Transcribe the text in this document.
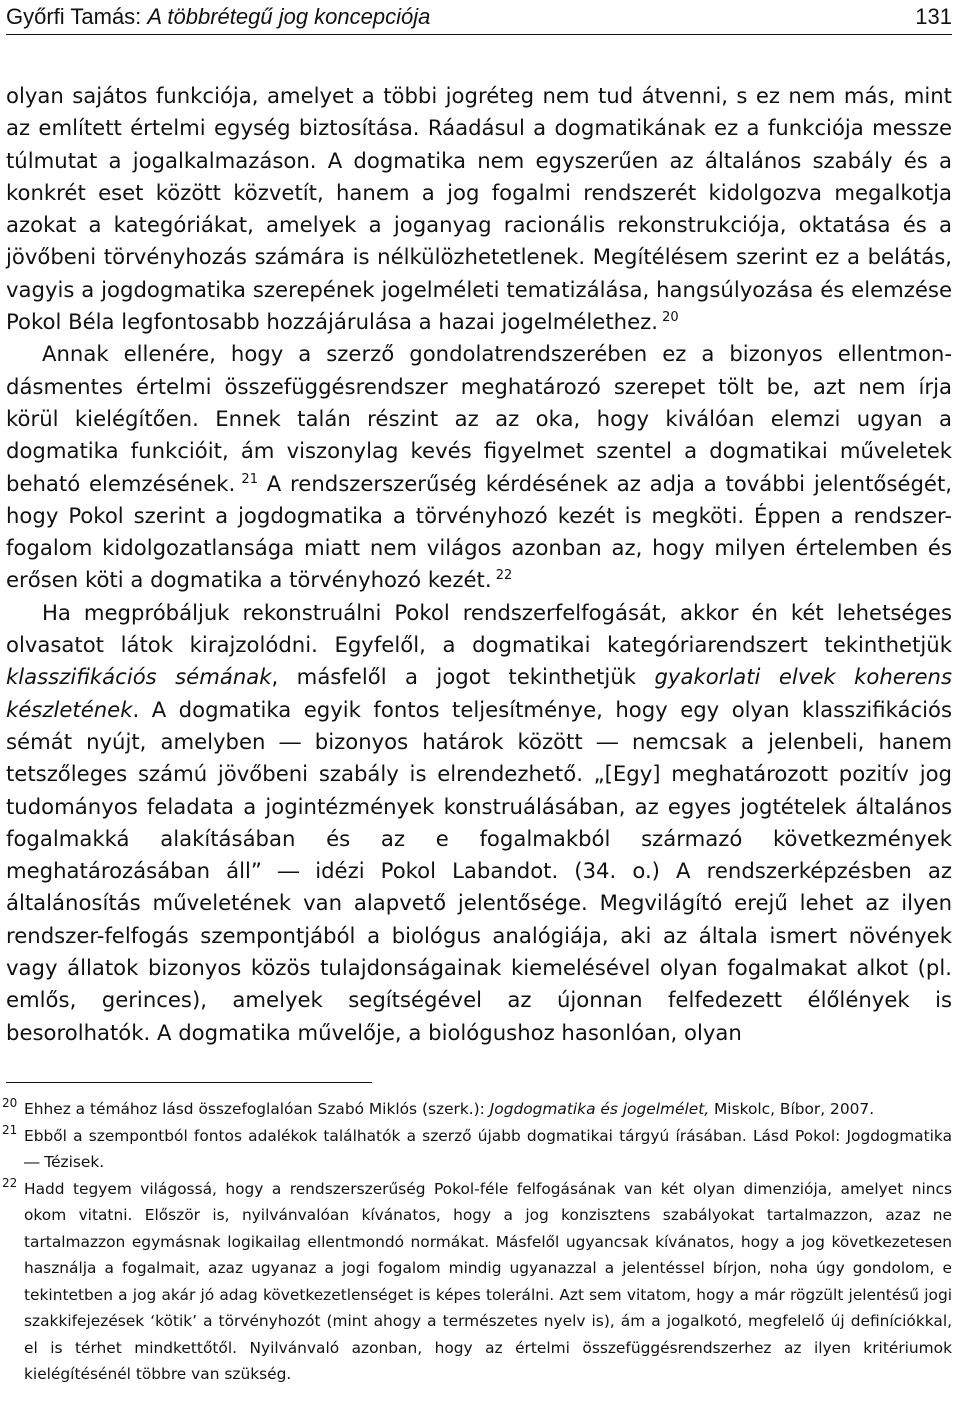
Győrfi Tamás: A többrétegű jog koncepciója	131

olyan sajátos funkciója, amelyet a többi jogréteg nem tud átvenni, s ez nem más, mint az említett értelmi egység biztosítása. Ráadásul a dogmatikának ez a funkciója messze túlmutat a jogalkalmazáson. A dogmatika nem egyszerűen az általános szabály és a konkrét eset között közvetít, hanem a jog fogalmi rendszerét kidolgozva megalkotja azokat a kategóriákat, amelyek a joganyag racionális rekonstrukciója, oktatása és a jövőbeni törvényhozás számára is nélkülözhetetlenek. Megítélésem szerint ez a belátás, vagyis a jogdogmatika szerepének jogelméleti tematizálása, hangsúlyozása és elemzése Pokol Béla legfontosabb hozzájárulása a hazai jogelmélethez. $^{20}$

Annak ellenére, hogy a szerző gondolatrendszerében ez a bizonyos ellentmondásmentes értelmi összefüggésrendszer meghatározó szerepet tölt be, azt nem írja körül kielégítően. Ennek talán részint az az oka, hogy kiválóan elemzi ugyan a dogmatika funkcióit, ám viszonylag kevés figyelmet szentel a dogmatikai műveletek beható elemzésének. $^{21}$ A rendszerszerűség kérdésének az adja a további jelentőségét, hogy Pokol szerint a jogdogmatika a törvényhozó kezét is megköti. Éppen a rendszer-fogalom kidolgozatlansága miatt nem világos azonban az, hogy milyen értelemben és erősen köti a dogmatika a törvényhozó kezét. $^{22}$

Ha megpróbáljuk rekonstruálni Pokol rendszerfelfogását, akkor én két lehetséges olvasatot látok kirajzolódni. Egyfelől, a dogmatikai kategóriarendszert tekinthetjük klasszifikációs sémának, másfelől a jogot tekinthetjük gyakorlati elvek koherens készletének. A dogmatika egyik fontos teljesítménye, hogy egy olyan klasszifikációs sémát nyújt, amelyben ― bizonyos határok között ― nemcsak a jelenbeli, hanem tetszőleges számú jövőbeni szabály is elrendezhető. „[Egy] meghatározott pozitív jog tudományos feladata a jogintézmények konstruálásában, az egyes jogtételek általános fogalmakká alakításában és az e fogalmakból származó következmények meghatározásában áll” ― idézi Pokol Labandot. (34. o.) A rendszerképzésben az általánosítás műveletének van alapvető jelentősége. Megvilágító erejű lehet az ilyen rendszer-felfogás szempontjából a biológus analógiája, aki az általa ismert növények vagy állatok bizonyos közös tulajdonságainak kiemelésével olyan fogalmakat alkot (pl. emlős, gerinces), amelyek segítségével az újonnan felfedezett élőlények is besorolhatók. A dogmatika művelője, a biológushoz hasonlóan, olyan

20 Ehhez a témához lásd összefoglalóan Szabó Miklós (szerk.): Jogdogmatika és jogelmélet, Miskolc, Bíbor, 2007.

21 Ebből a szempontból fontos adalékok találhatók a szerző újabb dogmatikai tárgyú írásában. Lásd Pokol: Jogdogmatika ― Tézisek.

22 Hadd tegyem világossá, hogy a rendszerszerűség Pokol-féle felfogásának van két olyan dimenziója, amelyet nincs okom vitatni. Először is, nyilvánvalóan kívánatos, hogy a jog konzisztens szabályokat tartalmazzon, azaz ne tartalmazzon egymásnak logikailag ellentmondó normákat. Másfelől ugyancsak kívánatos, hogy a jog következetesen használja a fogalmait, azaz ugyanaz a jogi fogalom mindig ugyanazzal a jelentéssel bírjon, noha úgy gondolom, e tekintetben a jog akár jó adag következetlenséget is képes tolerálni. Azt sem vitatom, hogy a már rögzült jelentésű jogi szakkifejezések ‘kötik’ a törvényhozót (mint ahogy a természetes nyelv is), ám a jogalkotó, megfelelő új definíciókkal, el is térhet mindkettőtől. Nyilvánvaló azonban, hogy az értelmi összefüggésrendszerhez az ilyen kritériumok kielégítésénél többre van szükség.
